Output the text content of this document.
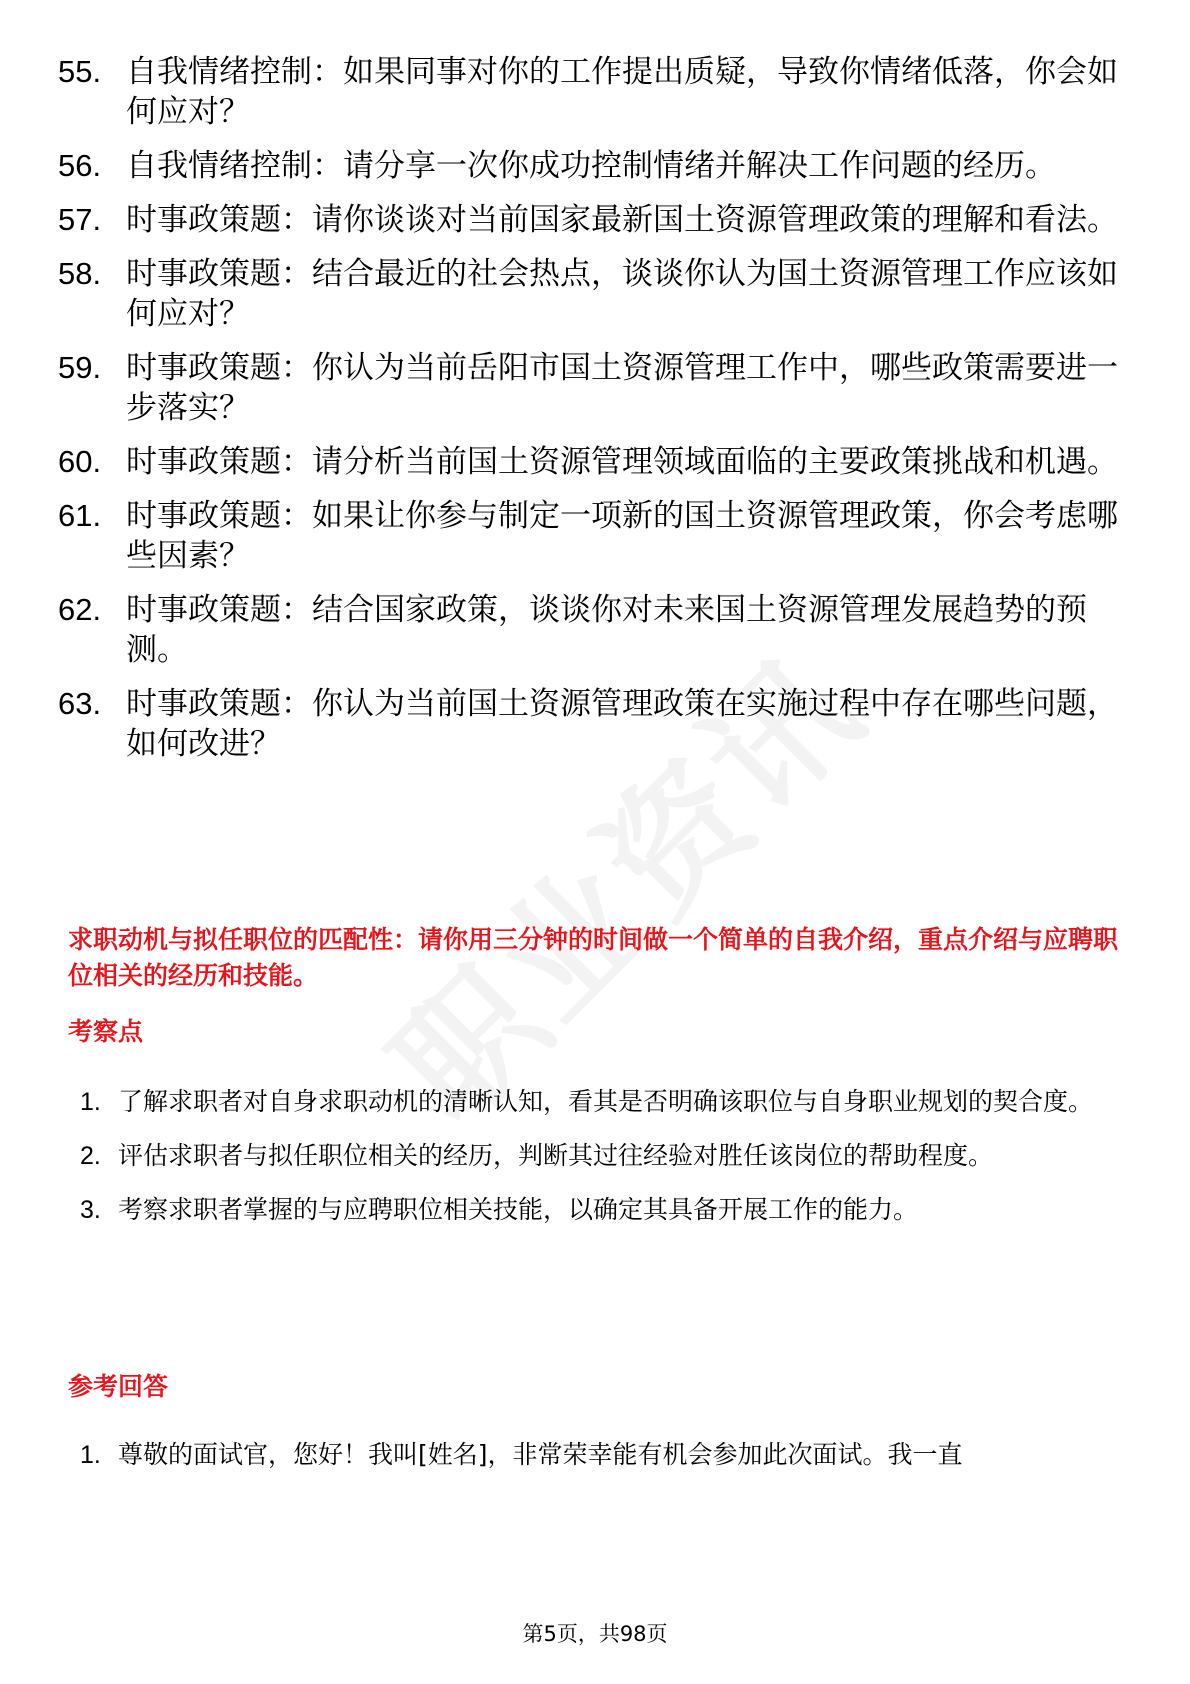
55. 自我情绪控制：如果同事对你的工作提出质疑，导致你情绪低落，你会如何应对？
56. 自我情绪控制：请分享一次你成功控制情绪并解决工作问题的经历。
57. 时事政策题：请你谈谈对当前国家最新国土资源管理政策的理解和看法。
58. 时事政策题：结合最近的社会热点，谈谈你认为国土资源管理工作应该如何应对？
59. 时事政策题：你认为当前岳阳市国土资源管理工作中，哪些政策需要进一步落实？
60. 时事政策题：请分析当前国土资源管理领域面临的主要政策挑战和机遇。
61. 时事政策题：如果让你参与制定一项新的国土资源管理政策，你会考虑哪些因素？
62. 时事政策题：结合国家政策，谈谈你对未来国土资源管理发展趋势的预测。
63. 时事政策题：你认为当前国土资源管理政策在实施过程中存在哪些问题，如何改进？
求职动机与拟任职位的匹配性：请你用三分钟的时间做一个简单的自我介绍，重点介绍与应聘职位相关的经历和技能。
考察点
1. 了解求职者对自身求职动机的清晰认知，看其是否明确该职位与自身职业规划的契合度。
2. 评估求职者与拟任职位相关的经历，判断其过往经验对胜任该岗位的帮助程度。
3. 考察求职者掌握的与应聘职位相关技能，以确定其具备开展工作的能力。
参考回答
1. 尊敬的面试官，您好！我叫[姓名]，非常荣幸能有机会参加此次面试。我一直
第5页，共98页
